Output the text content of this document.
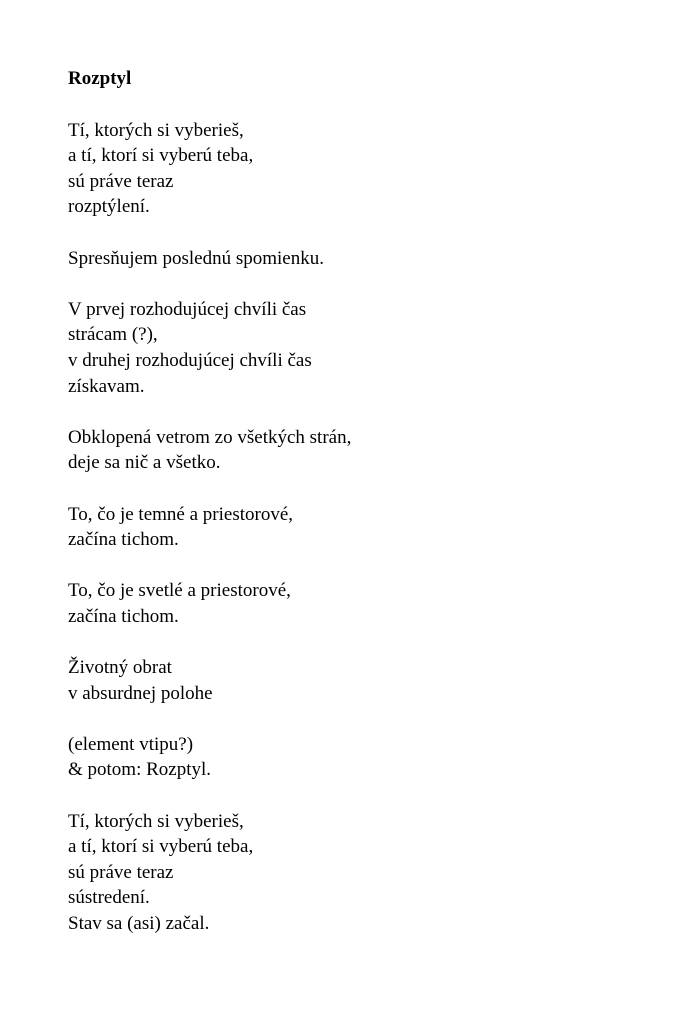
Rozptyl
Tí, ktorých si vyberieš,
a tí, ktorí si vyberú teba,
sú práve teraz
rozptýlení.
Spresňujem poslednú spomienku.
V prvej rozhodujúcej chvíli čas
strácam (?),
v druhej rozhodujúcej chvíli čas
získavam.
Obklopená vetrom zo všetkých strán,
deje sa nič a všetko.
To, čo je temné a priestorové,
začína tichom.
To, čo je svetlé a priestorové,
začína tichom.
Životný obrat
v absurdnej polohe
(element vtipu?)
& potom: Rozptyl.
Tí, ktorých si vyberieš,
a tí, ktorí si vyberú teba,
sú práve teraz
sústredení.
Stav sa (asi) začal.
